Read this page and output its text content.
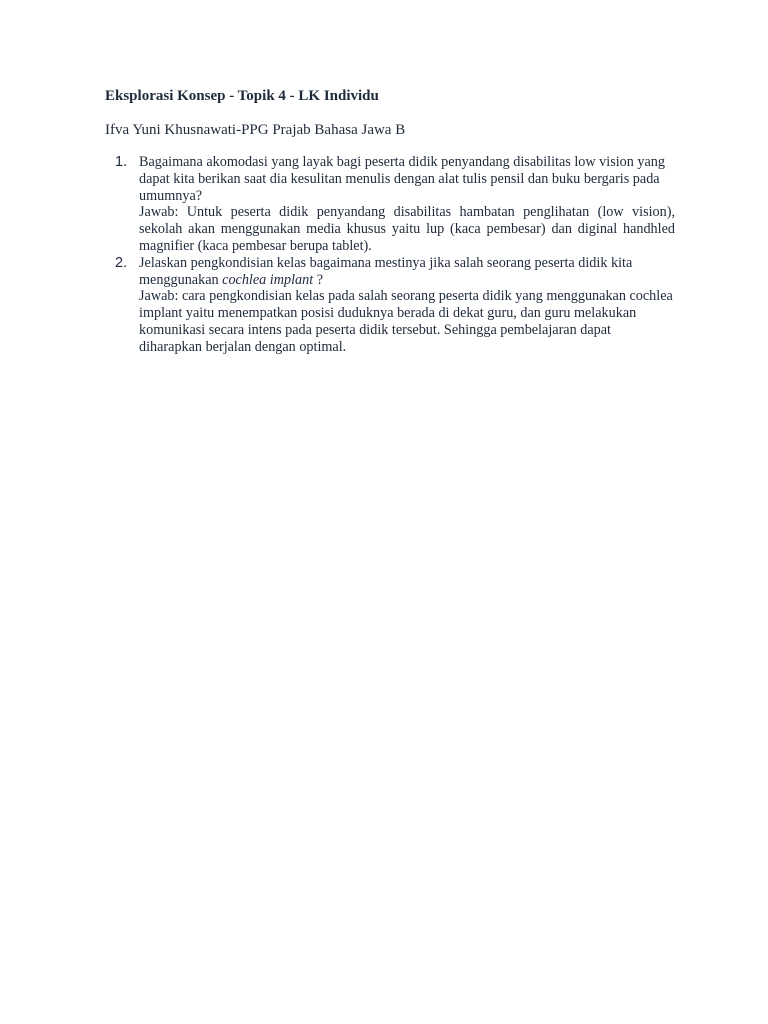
Eksplorasi Konsep - Topik 4 - LK Individu

Ifva Yuni Khusnawati-PPG Prajab Bahasa Jawa B

1. Bagaimana akomodasi yang layak bagi peserta didik penyandang disabilitas low vision yang dapat kita berikan saat dia kesulitan menulis dengan alat tulis pensil dan buku bergaris pada umumnya?
Jawab: Untuk peserta didik penyandang disabilitas hambatan penglihatan (low vision), sekolah akan menggunakan media khusus yaitu lup (kaca pembesar) dan diginal handhled magnifier (kaca pembesar berupa tablet).
2. Jelaskan pengkondisian kelas bagaimana mestinya jika salah seorang peserta didik kita menggunakan cochlea implant ?
Jawab: cara pengkondisian kelas pada salah seorang peserta didik yang menggunakan cochlea implant yaitu menempatkan posisi duduknya berada di dekat guru, dan guru melakukan komunikasi secara intens pada peserta didik tersebut. Sehingga pembelajaran dapat diharapkan berjalan dengan optimal.
